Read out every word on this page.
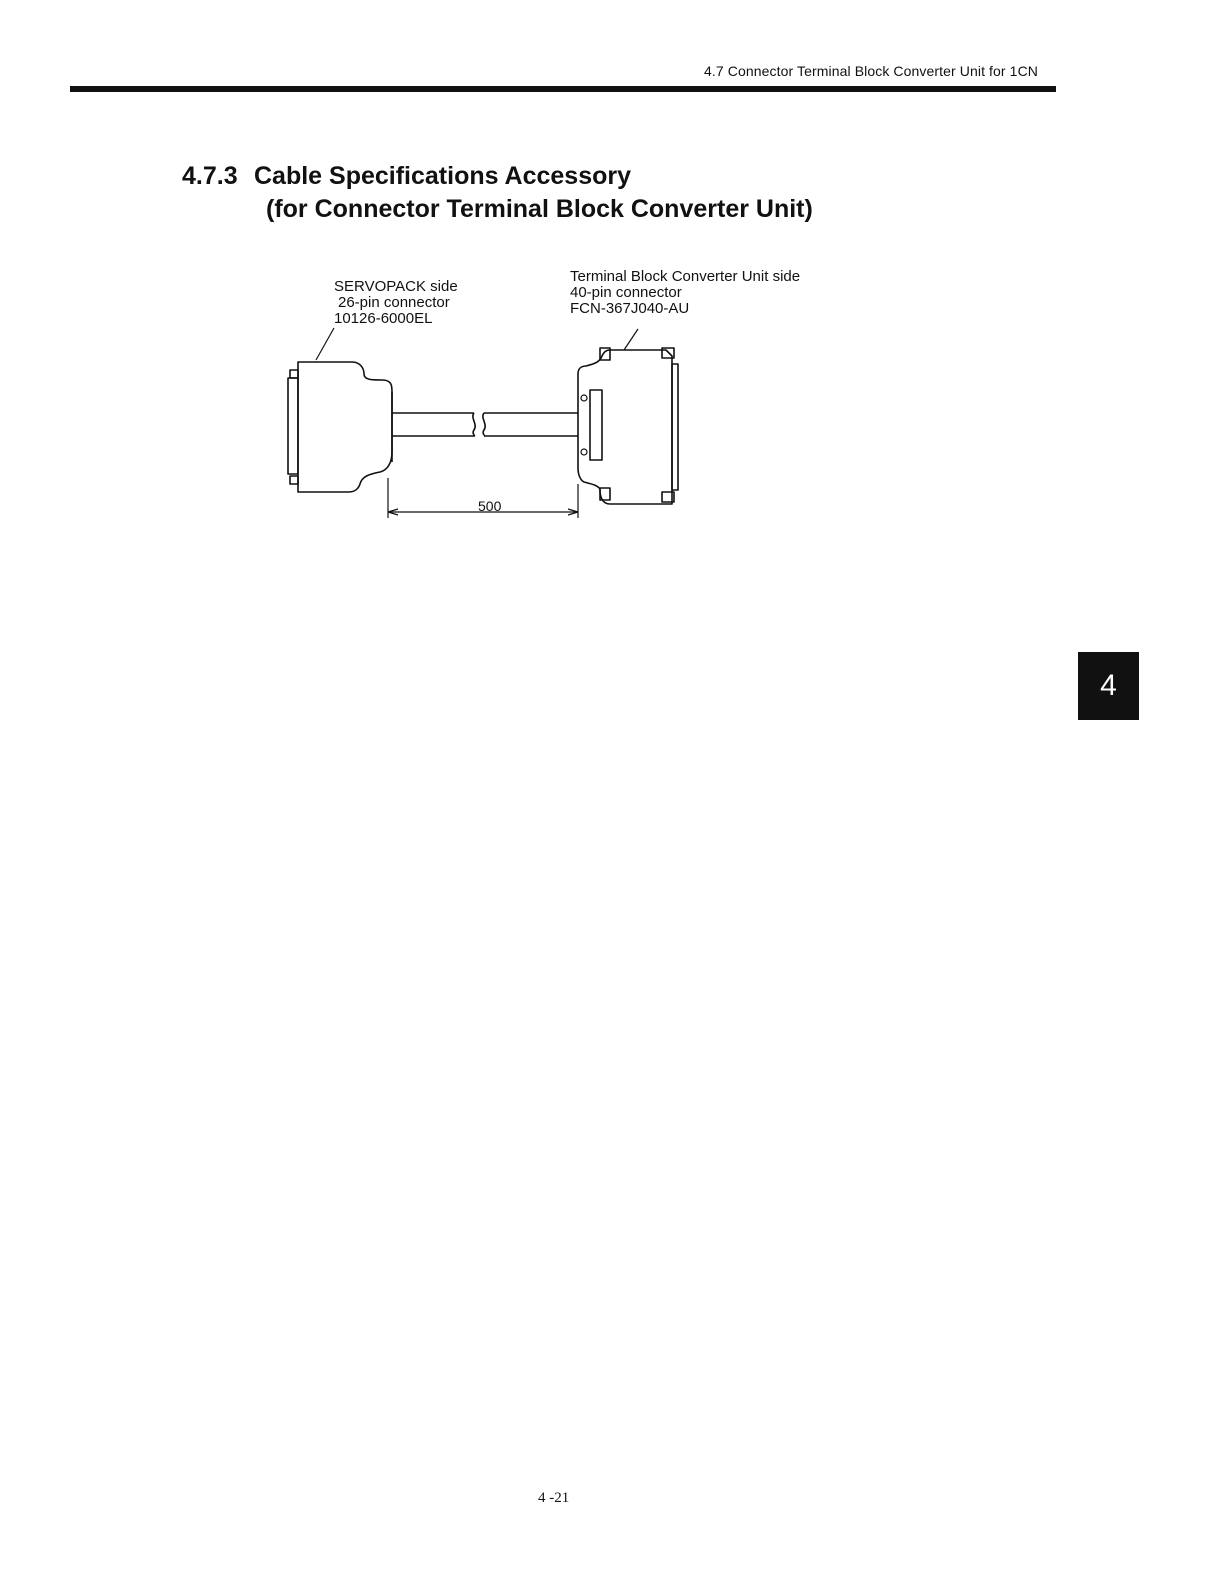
4.7 Connector Terminal Block Converter Unit for 1CN
4.7.3 Cable Specifications Accessory
(for Connector Terminal Block Converter Unit)
SERVOPACK side
26-pin connector
10126-6000EL
Terminal Block Converter Unit side
40-pin connector
FCN-367J040-AU
500
4
4 -21
